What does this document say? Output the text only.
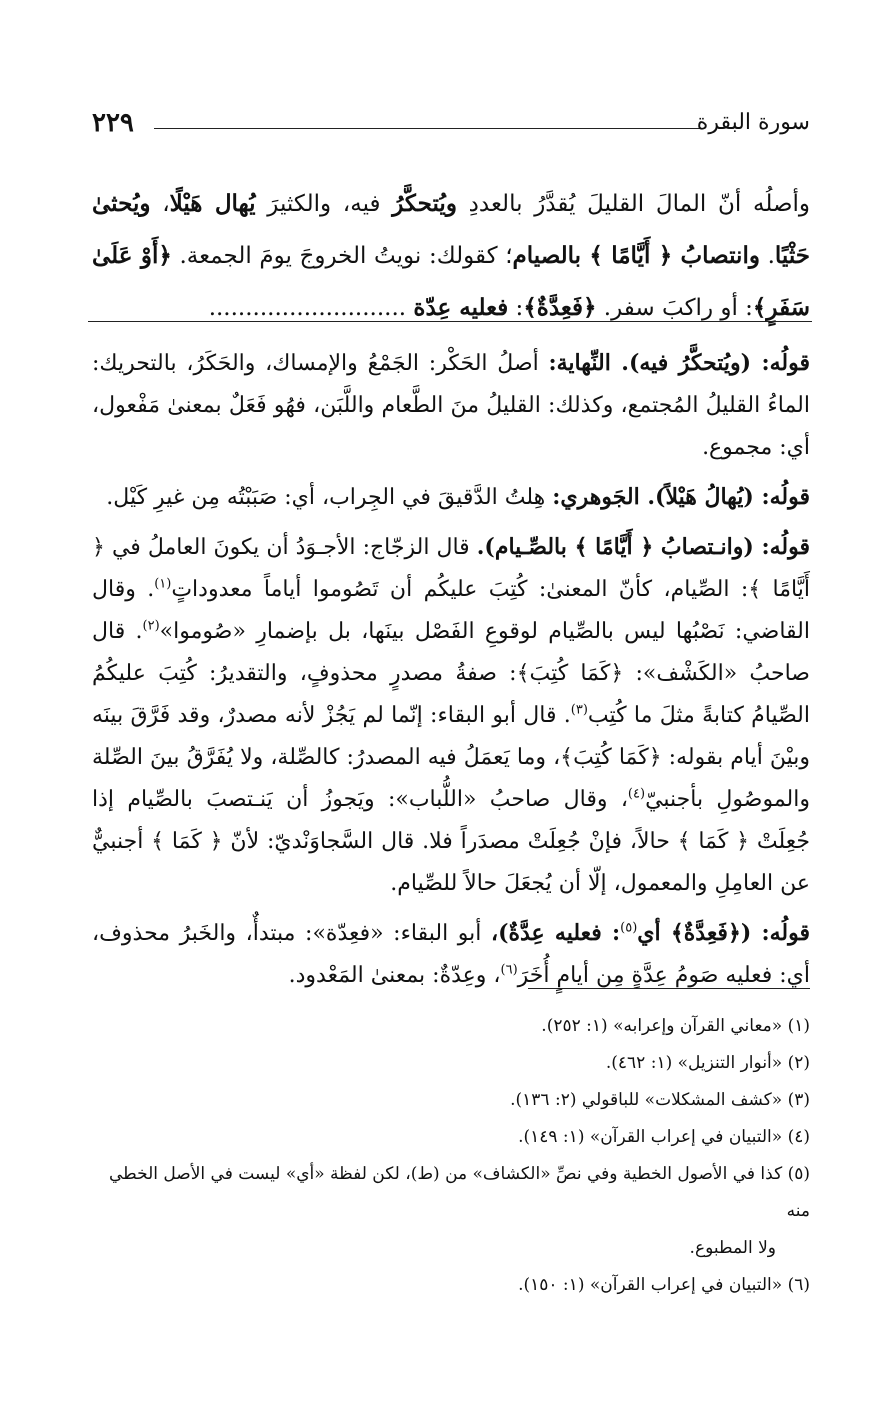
٢٢٩	سورة البقرة
وأصلُه أنّ المالَ القليلَ يُقدَّرُ بالعددِ ويُتحكَّرُ فيه، والكثيرَ يُهال هَيْلًا، ويُحثىٰ حَثْيًا. وانتصابُ ﴿ أَيَّامًا ﴾ بالصيام؛ كقولك: نويتُ الخروجَ يومَ الجمعة. ﴿أَوْ عَلَىٰ سَفَرٍ﴾: أو راكبَ سفر. ﴿فَعِدَّةٌ﴾: فعليه عِدّة ...........................

قولُه: (ويُتحكَّرُ فيه). النِّهاية: أصلُ الحَكْر: الجَمْعُ والإمساك، والحَكَرُ، بالتحريك: الماءُ القليلُ المُجتمع، وكذلك: القليلُ منَ الطَّعام واللَّبَن، فهُو فَعَلٌ بمعنىٰ مَفْعول، أي: مجموع.

قولُه: (يُهالُ هَيْلاً). الجَوهري: هِلتُ الدَّقيقَ في الجِراب، أي: صَبَبْتُه مِن غيرِ كَيْل.

قولُه: (وانـتصابُ ﴿ أَيَّامًا ﴾ بالصِّـيام). قال الزجّاج: الأجـوَدُ أن يكونَ العاملُ في ﴿ أَيَّامًا ﴾: الصِّيام، كأنّ المعنىٰ: كُتِبَ عليكُم أن تَصُوموا أياماً معدوداتٍ$^{(١)}$. وقال القاضي: نَصْبُها ليس بالصِّيام لوقوعِ الفَصْل بينَها، بل بإضمارِ «صُوموا»$^{(٢)}$. قال صاحبُ «الكَشْف»: ﴿كَمَا كُتِبَ﴾: صفةُ مصدرٍ محذوفٍ، والتقديرُ: كُتِبَ عليكُمُ الصِّيامُ كتابةً مثلَ ما كُتِب$^{(٣)}$. قال أبو البقاء: إنّما لم يَجُزْ لأنه مصدرٌ، وقد فَرَّقَ بينَه وبيْنَ أيام بقوله: ﴿كَمَا كُتِبَ﴾، وما يَعمَلُ فيه المصدرُ: كالصِّلة، ولا يُفَرَّقُ بينَ الصِّلة والموصُولِ بأجنبيّ$^{(٤)}$، وقال صاحبُ «اللُّباب»: ويَجوزُ أن يَنـتصبَ بالصِّيام إذا جُعِلَتْ ﴿ كَمَا ﴾ حالاً، فإنْ جُعِلَتْ مصدَراً فلا. قال السَّجاوَنْديّ: لأنّ ﴿ كَمَا ﴾ أجنبيٌّ عن العامِلِ والمعمول، إلّا أن يُجعَلَ حالاً للصِّيام.

قولُه: (﴿فَعِدَّةٌ﴾ أي$^{(٥)}$: فعليه عِدَّةٌ)، أبو البقاء: «فعِدّة»: مبتدأٌ، والخَبرُ محذوف، أي: فعليه صَومُ عِدَّةٍ مِن أيامٍ أُخَرَ$^{(٦)}$، وعِدّةٌ: بمعنىٰ المَعْدود.

(١) «معاني القرآن وإعرابه» (١: ٢٥٢).
(٢) «أنوار التنزيل» (١: ٤٦٢).
(٣) «كشف المشكلات» للباقولي (٢: ١٣٦).
(٤) «التبيان في إعراب القرآن» (١: ١٤٩).
(٥) كذا في الأصول الخطية وفي نصِّ «الكشاف» من (ط)، لكن لفظة «أي» ليست في الأصل الخطي منه
ولا المطبوع.
(٦) «التبيان في إعراب القرآن» (١: ١٥٠).
